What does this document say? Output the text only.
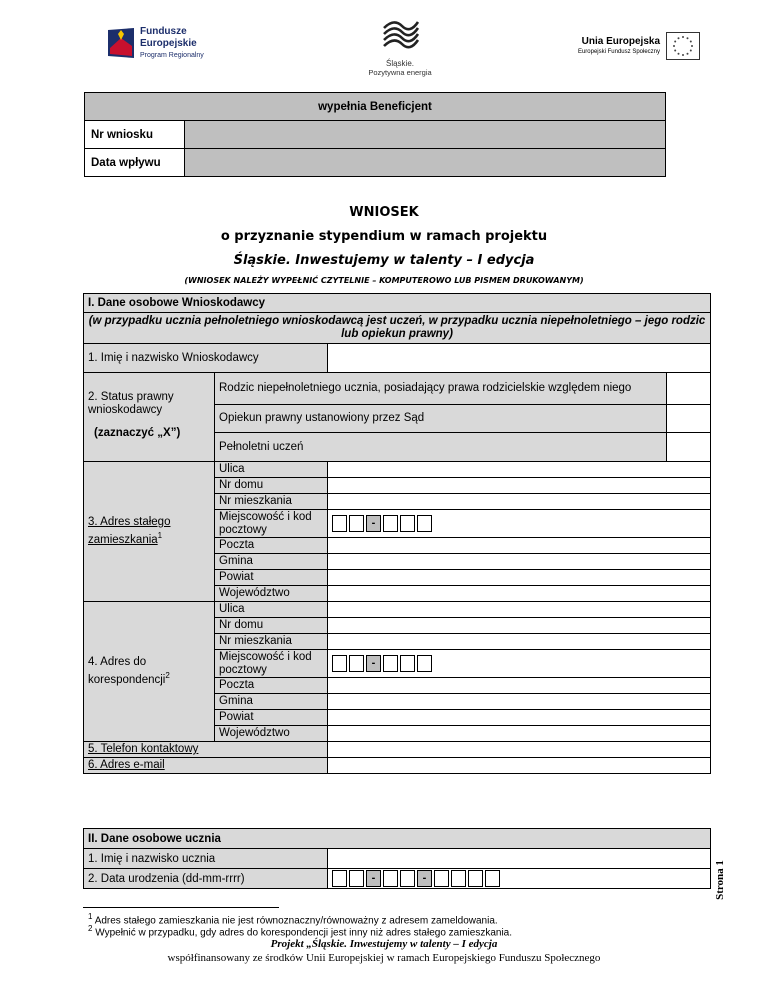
Fundusze
Europejskie
Program Regionalny
Śląskie.
Pozytywna energia
Unia Europejska
Europejski Fundusz Społeczny
wypełnia Beneficjent	
Nr wniosku	
Data wpływu	
WNIOSEK
o przyznanie stypendium w ramach projektu
Śląskie. Inwestujemy w talenty – I edycja
(WNIOSEK NALEŻY WYPEŁNIĆ CZYTELNIE – KOMPUTEROWO LUB PISMEM DRUKOWANYM)
I. Dane osobowe Wnioskodawcy			
(w przypadku ucznia pełnoletniego wnioskodawcą jest uczeń, w przypadku ucznia niepełnoletniego – jego rodzic lub opiekun prawny)			
1. Imię i nazwisko Wnioskodawcy			

2. Status prawny wnioskodawcy
(zaznaczyć „X”)	Rodzic niepełnoletniego ucznia, posiadający prawa rodzicielskie względem niego		
	Opiekun prawny ustanowiony przez Sąd		
	Pełnoletni uczeń		
3. Adres stałego zamieszkania$^1$	Ulica		
	Nr domu		
	Nr mieszkania		
	Miejscowość i kod pocztowy	-	

	Poczta		
	Gmina		
	Powiat		
	Województwo		
4. Adres do korespondencji$^2$	Ulica		
	Nr domu		
	Nr mieszkania		
	Miejscowość i kod pocztowy	-	

	Poczta		
	Gmina		
	Powiat		
	Województwo		
5. Telefon kontaktowy			
6. Adres e-mail			
II. Dane osobowe ucznia	
1. Imię i nazwisko ucznia	
2. Data urodzenia (dd-mm-rrrr)	- -	Strona 1
$^1$ Adres stałego zamieszkania nie jest równoznaczny/równoważny z adresem zameldowania.
$^2$ Wypełnić w przypadku, gdy adres do korespondencji jest inny niż adres stałego zamieszkania.
Projekt „Śląskie. Inwestujemy w talenty – I edycja
współfinansowany ze środków Unii Europejskiej w ramach Europejskiego Funduszu Społecznego
